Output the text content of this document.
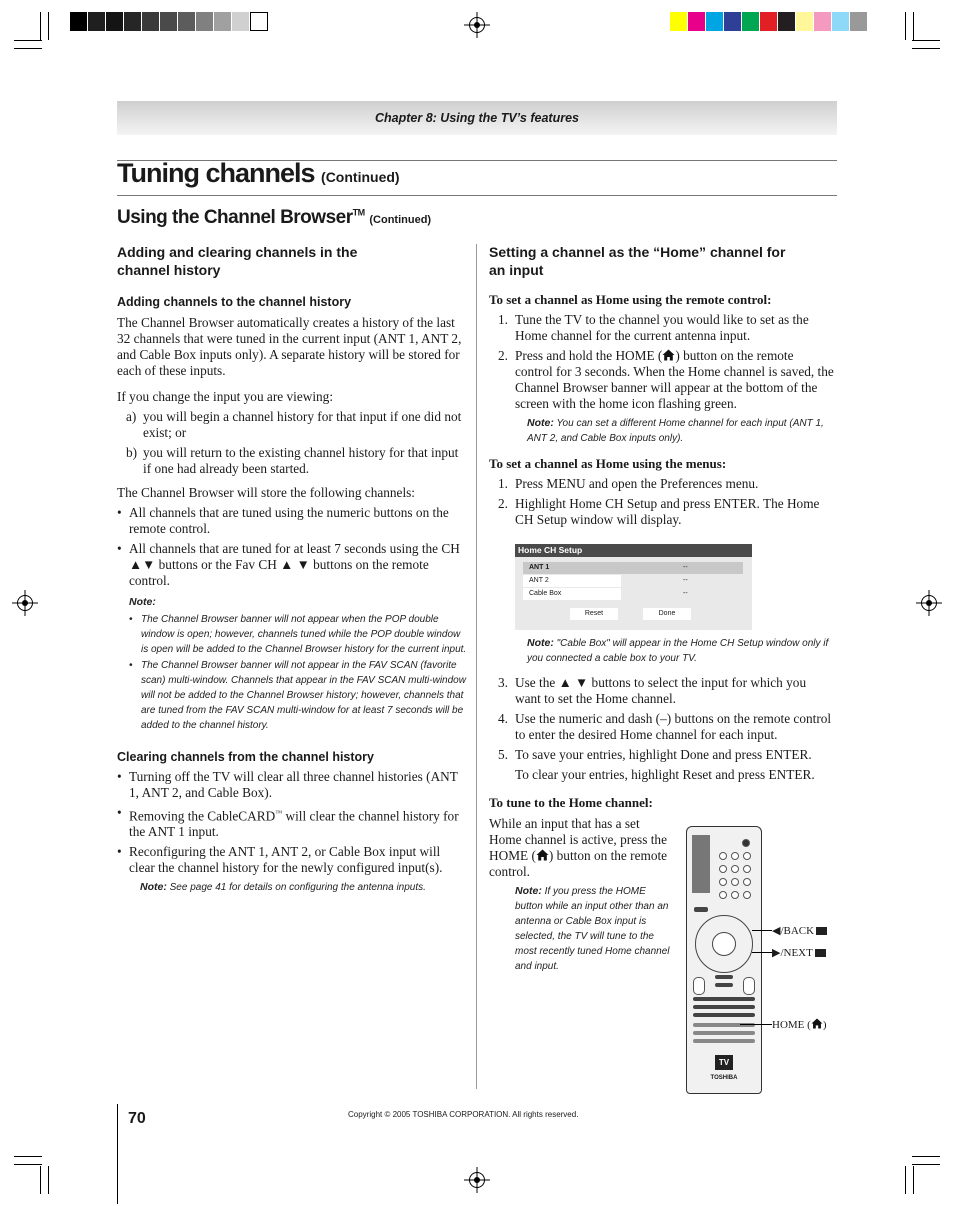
Chapter 8: Using the TV’s features
Tuning channels (Continued)
Using the Channel Browser™ (Continued)

Adding and clearing channels in the channel history

Adding channels to the channel history

The Channel Browser automatically creates a history of the last 32 channels that were tuned in the current input (ANT 1, ANT 2, and Cable Box inputs only). A separate history will be stored for each of these inputs.

If you change the input you are viewing:

a) you will begin a channel history for that input if one did not exist; or
b) you will return to the existing channel history for that input if one had already been started.

The Channel Browser will store the following channels:

• All channels that are tuned using the numeric buttons on the remote control.
• All channels that are tuned for at least 7 seconds using the CH ▲▼ buttons or the Fav CH ▲ ▼ buttons on the remote control.
Note:
• The Channel Browser banner will not appear when the POP double window is open; however, channels tuned while the POP double window is open will be added to the Channel Browser history for the current input.
• The Channel Browser banner will not appear in the FAV SCAN (favorite scan) multi-window. Channels that appear in the FAV SCAN multi-window will not be added to the Channel Browser history; however, channels that are tuned from the FAV SCAN multi-window for at least 7 seconds will be added to the channel history.

Clearing channels from the channel history

• Turning off the TV will clear all three channel histories (ANT 1, ANT 2, and Cable Box).
• Removing the CableCARD™ will clear the channel history for the ANT 1 input.
• Reconfiguring the ANT 1, ANT 2, or Cable Box input will clear the channel history for the newly configured input(s).

Note: See page 41 for details on configuring the antenna inputs.

Setting a channel as the “Home” channel for an input

To set a channel as Home using the remote control:

1. Tune the TV to the channel you would like to set as the Home channel for the current antenna input.
2. Press and hold the HOME ( ) button on the remote control for 3 seconds. When the Home channel is saved, the Channel Browser banner will appear at the bottom of the screen with the home icon flashing green.

Note: You can set a different Home channel for each input (ANT 1, ANT 2, and Cable Box inputs only).

To set a channel as Home using the menus:

1. Press MENU and open the Preferences menu.
2. Highlight Home CH Setup and press ENTER. The Home CH Setup window will display.
Home CH Setup
ANT 1	--
ANT 2	--
Cable Box	--
Reset	Done

Note: "Cable Box" will appear in the Home CH Setup window only if you connected a cable box to your TV.

3. Use the ▲ ▼ buttons to select the input for which you want to set the Home channel.
4. Use the numeric and dash (–) buttons on the remote control to enter the desired Home channel for each input.
5. To save your entries, highlight Done and press ENTER.

To clear your entries, highlight Reset and press ENTER.

To tune to the Home channel:

While an input that has a set Home channel is active, press the HOME ( ) button on the remote control.

Note: If you press the HOME button while an input other than an antenna or Cable Box input is selected, the TV will tune to the most recently tuned Home channel and input.

TV
TOSHIBA
◀/BACK
▶/NEXT
HOME ( )
70	Copyright © 2005 TOSHIBA CORPORATION. All rights reserved.
